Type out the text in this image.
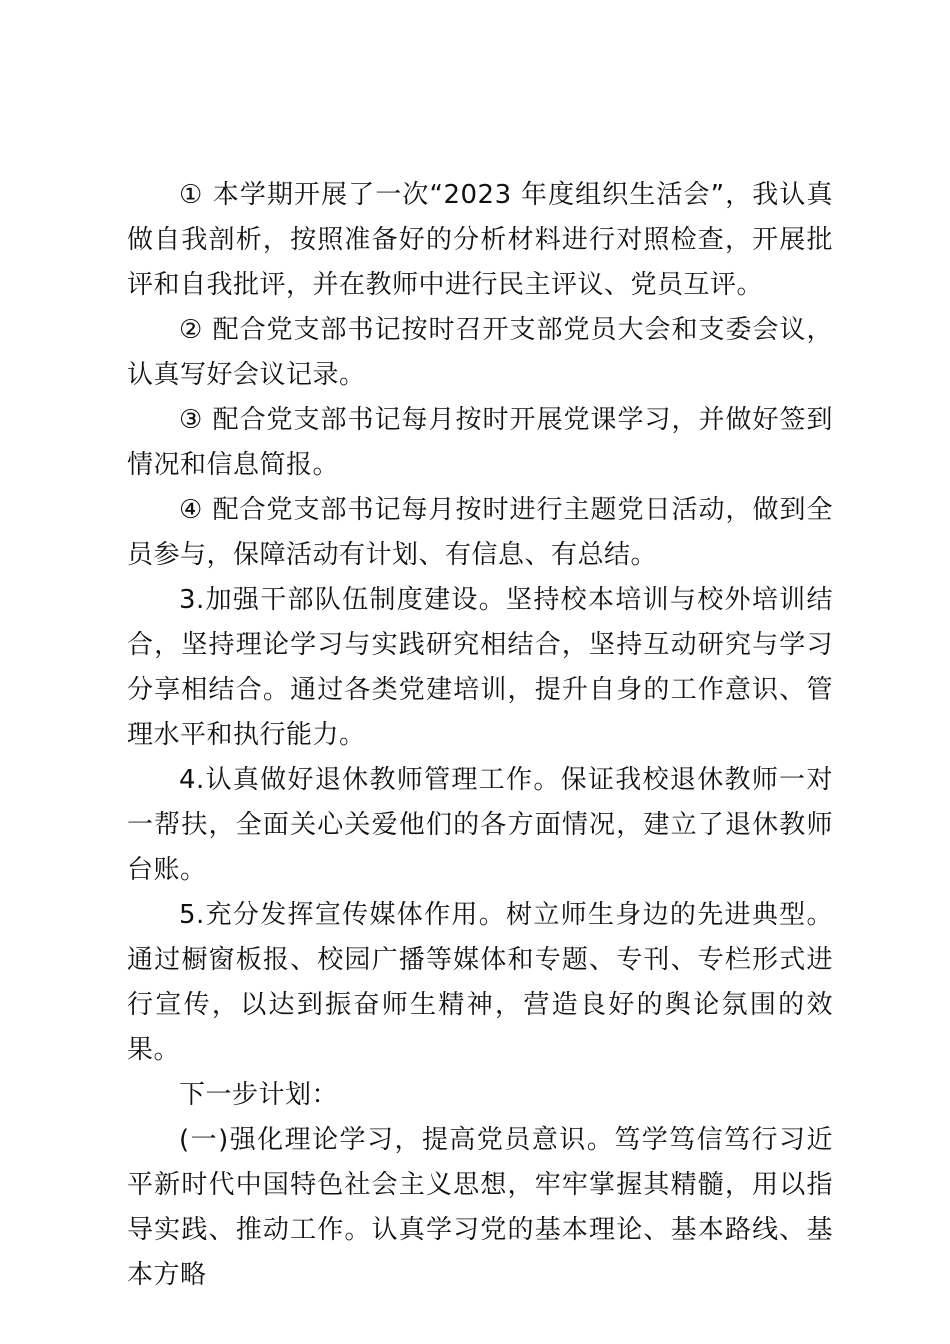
① 本学期开展了一次“2023 年度组织生活会”，我认真做自我剖析，按照准备好的分析材料进行对照检查，开展批评和自我批评，并在教师中进行民主评议、党员互评。

② 配合党支部书记按时召开支部党员大会和支委会议，认真写好会议记录。

③ 配合党支部书记每月按时开展党课学习，并做好签到情况和信息简报。

④ 配合党支部书记每月按时进行主题党日活动，做到全员参与，保障活动有计划、有信息、有总结。

3.加强干部队伍制度建设。坚持校本培训与校外培训结合，坚持理论学习与实践研究相结合，坚持互动研究与学习分享相结合。通过各类党建培训，提升自身的工作意识、管理水平和执行能力。

4.认真做好退休教师管理工作。保证我校退休教师一对一帮扶，全面关心关爱他们的各方面情况，建立了退休教师台账。

5.充分发挥宣传媒体作用。树立师生身边的先进典型。通过橱窗板报、校园广播等媒体和专题、专刊、专栏形式进行宣传，以达到振奋师生精神，营造良好的舆论氛围的效果。

下一步计划：

(一)强化理论学习，提高党员意识。笃学笃信笃行习近平新时代中国特色社会主义思想，牢牢掌握其精髓，用以指导实践、推动工作。认真学习党的基本理论、基本路线、基本方略
